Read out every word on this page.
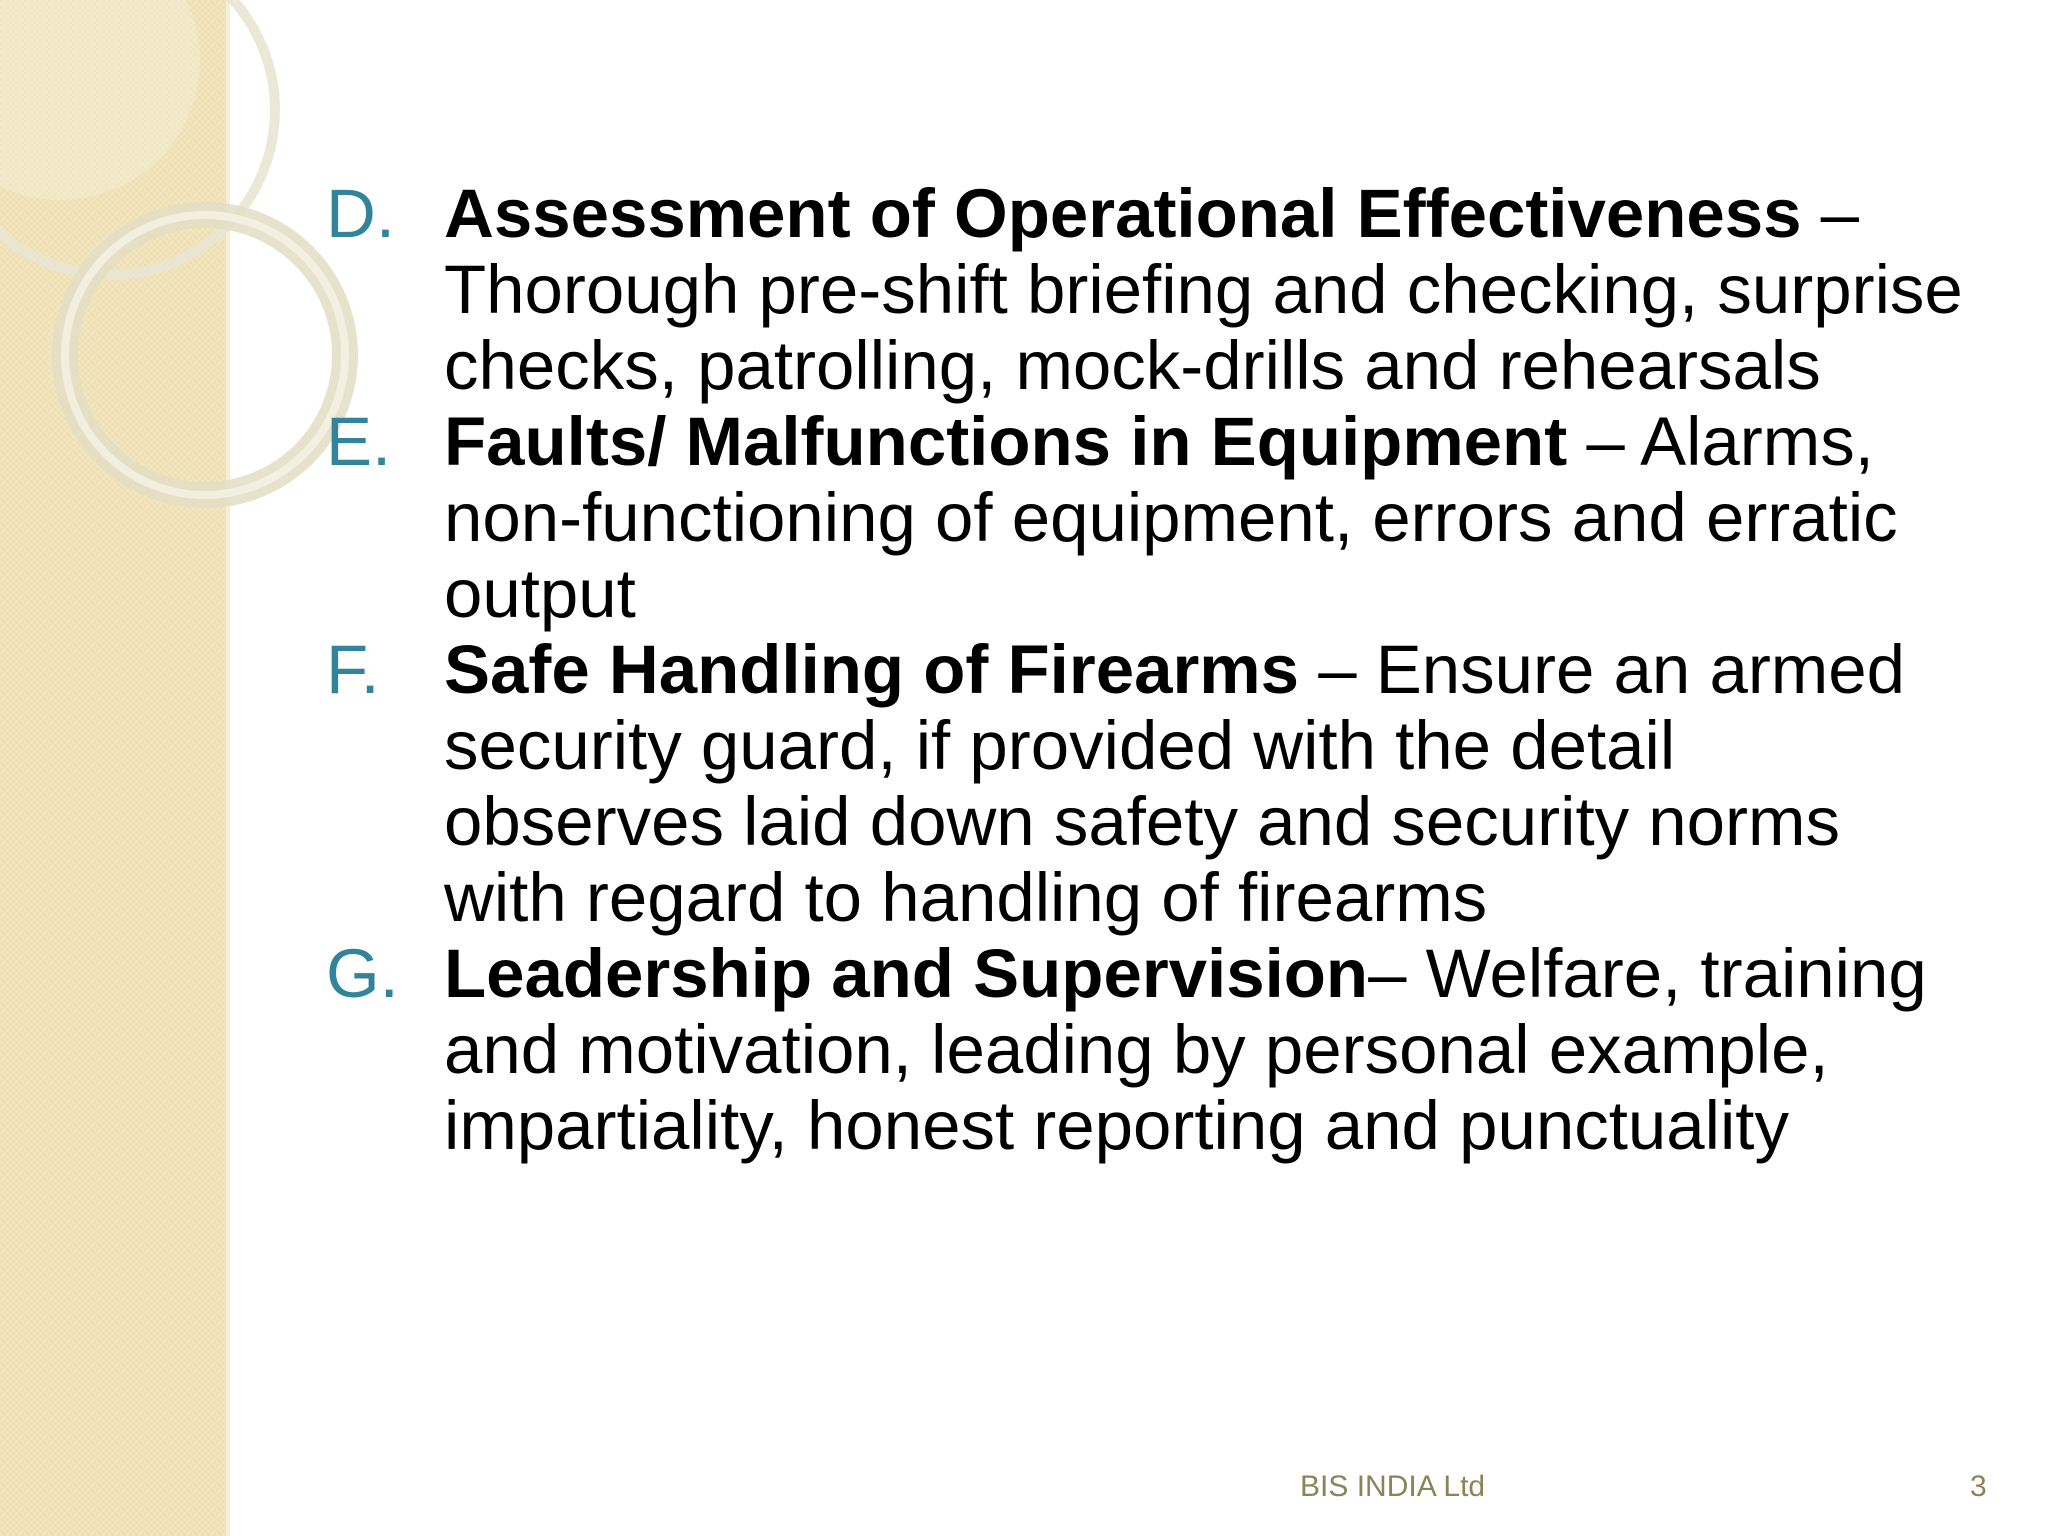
D. Assessment of Operational Effectiveness – Thorough pre-shift briefing and checking, surprise checks, patrolling, mock-drills and rehearsals
E. Faults/ Malfunctions in Equipment – Alarms, non-functioning of equipment, errors and erratic output
F. Safe Handling of Firearms – Ensure an armed security guard, if provided with the detail observes laid down safety and security norms with regard to handling of firearms
G. Leadership and Supervision– Welfare, training and motivation, leading by personal example, impartiality, honest reporting and punctuality
BIS INDIA Ltd	3
